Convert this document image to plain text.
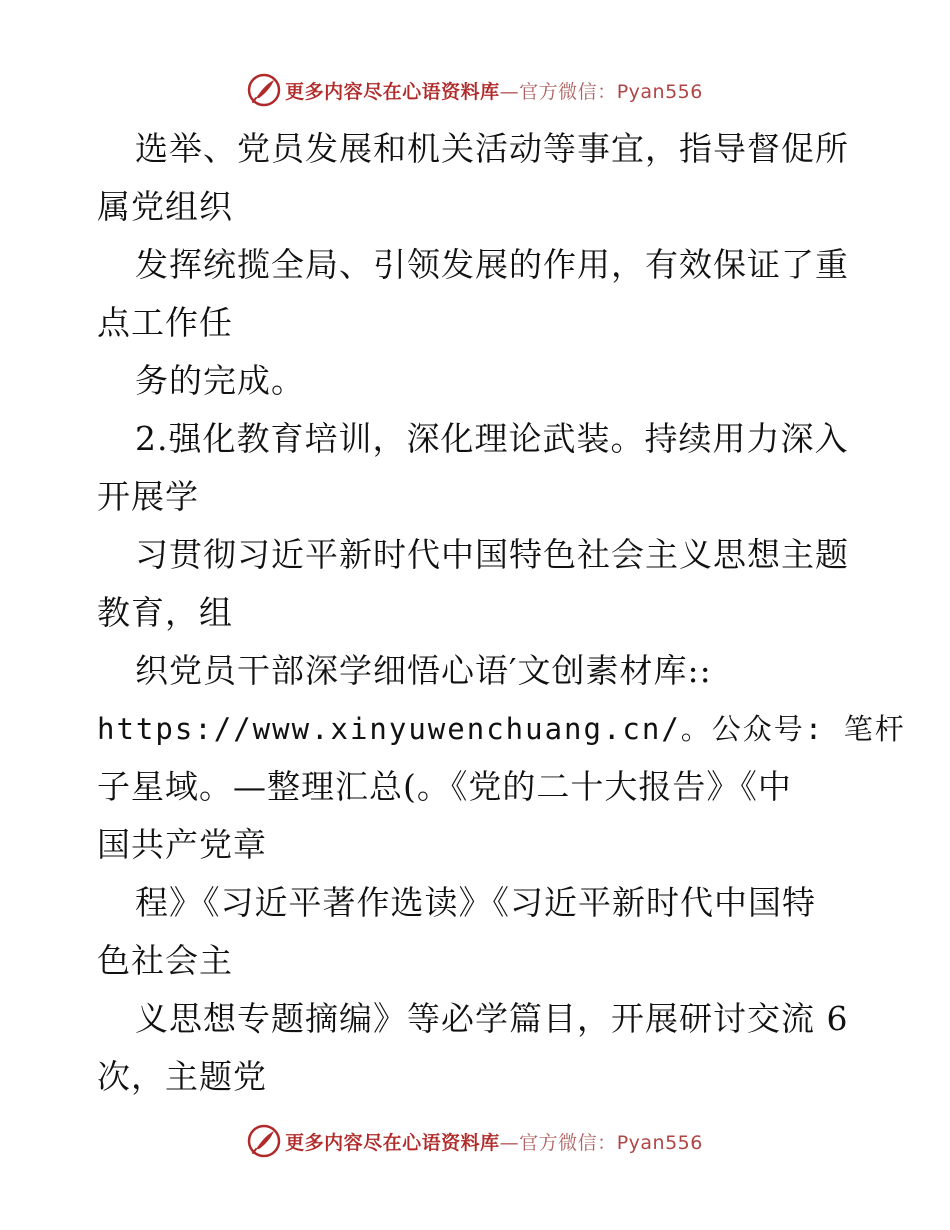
更多内容尽在心语资料库—官方微信：Pyan556
选举、党员发展和机关活动等事宜，指导督促所
属党组织
发挥统揽全局、引领发展的作用，有效保证了重
点工作任
务的完成。
2.强化教育培训，深化理论武装。持续用力深入
开展学
习贯彻习近平新时代中国特色社会主义思想主题
教育，组
织党员干部深学细悟心语′文创素材库::
https://www.xinyuwenchuang.cn/。公众号: 笔杆
子星域。—整理汇总(。《党的二十大报告》《中
国共产党章
程》《习近平著作选读》《习近平新时代中国特
色社会主
义思想专题摘编》等必学篇目，开展研讨交流 6
次，主题党
更多内容尽在心语资料库—官方微信：Pyan556
